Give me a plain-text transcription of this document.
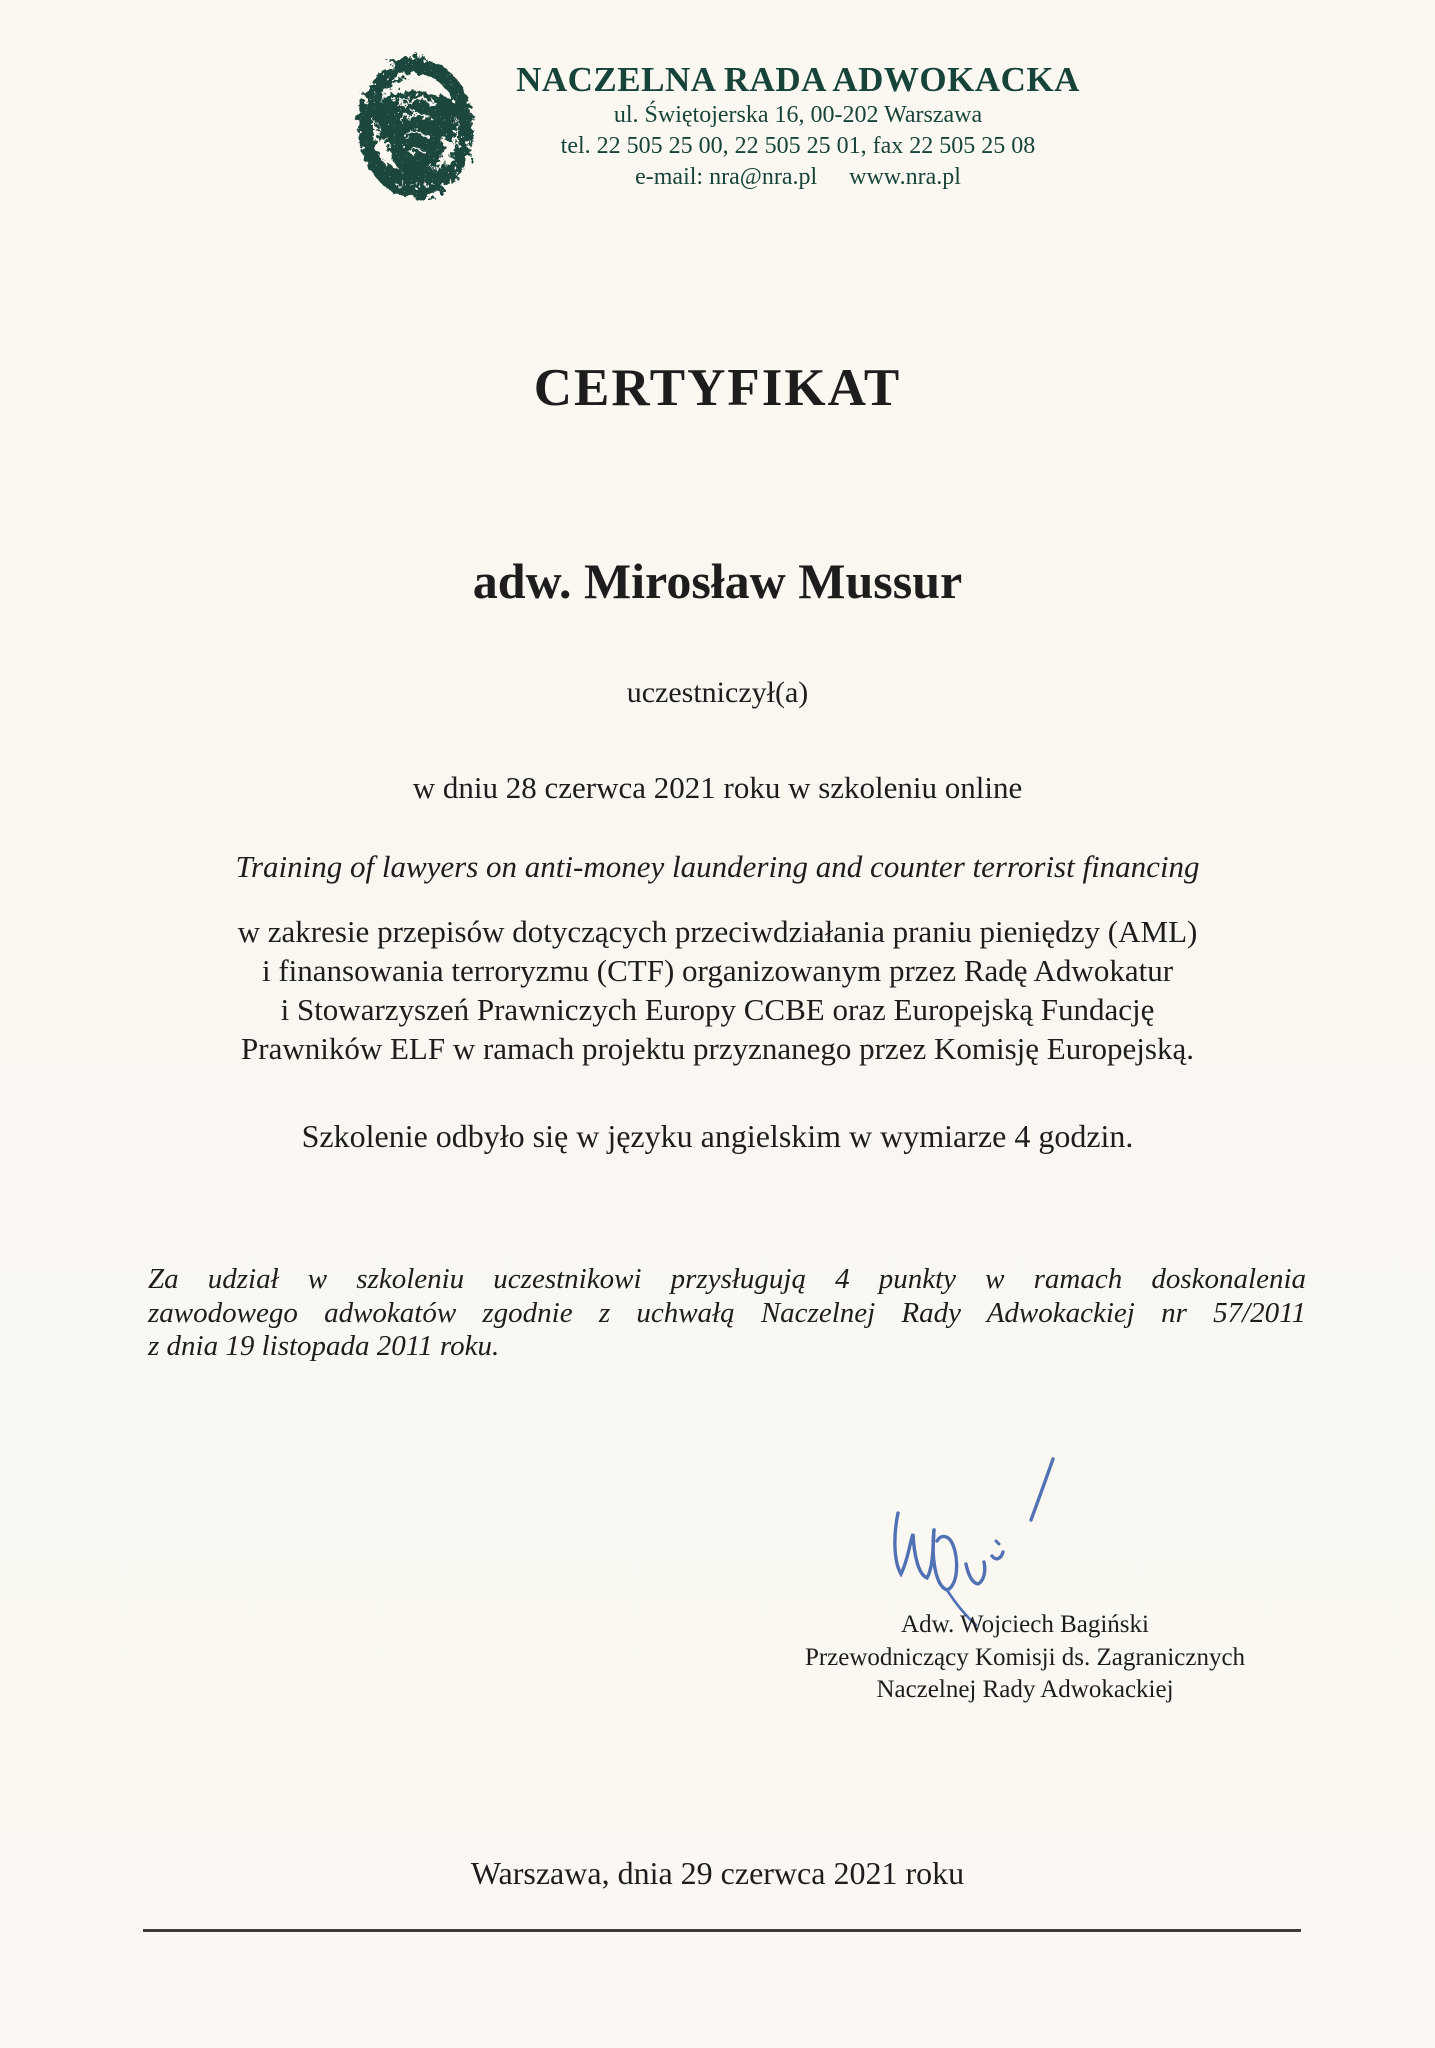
NACZELNA RADA ADWOKACKA
ul. Świętojerska 16, 00-202 Warszawa
tel. 22 505 25 00, 22 505 25 01, fax 22 505 25 08
e-mail: nra@nra.pl www.nra.pl
CERTYFIKAT
adw. Mirosław Mussur
uczestniczył(a)
w dniu 28 czerwca 2021 roku w szkoleniu online
Training of lawyers on anti-money laundering and counter terrorist financing
w zakresie przepisów dotyczących przeciwdziałania praniu pieniędzy (AML)
i finansowania terroryzmu (CTF) organizowanym przez Radę Adwokatur
i Stowarzyszeń Prawniczych Europy CCBE oraz Europejską Fundację
Prawników ELF w ramach projektu przyznanego przez Komisję Europejską.
Szkolenie odbyło się w języku angielskim w wymiarze 4 godzin.
Za udział w szkoleniu uczestnikowi przysługują 4 punkty w ramach doskonalenia
zawodowego adwokatów zgodnie z uchwałą Naczelnej Rady Adwokackiej nr 57/2011
z dnia 19 listopada 2011 roku.
Adw. Wojciech Bagiński
Przewodniczący Komisji ds. Zagranicznych
Naczelnej Rady Adwokackiej
Warszawa, dnia 29 czerwca 2021 roku
